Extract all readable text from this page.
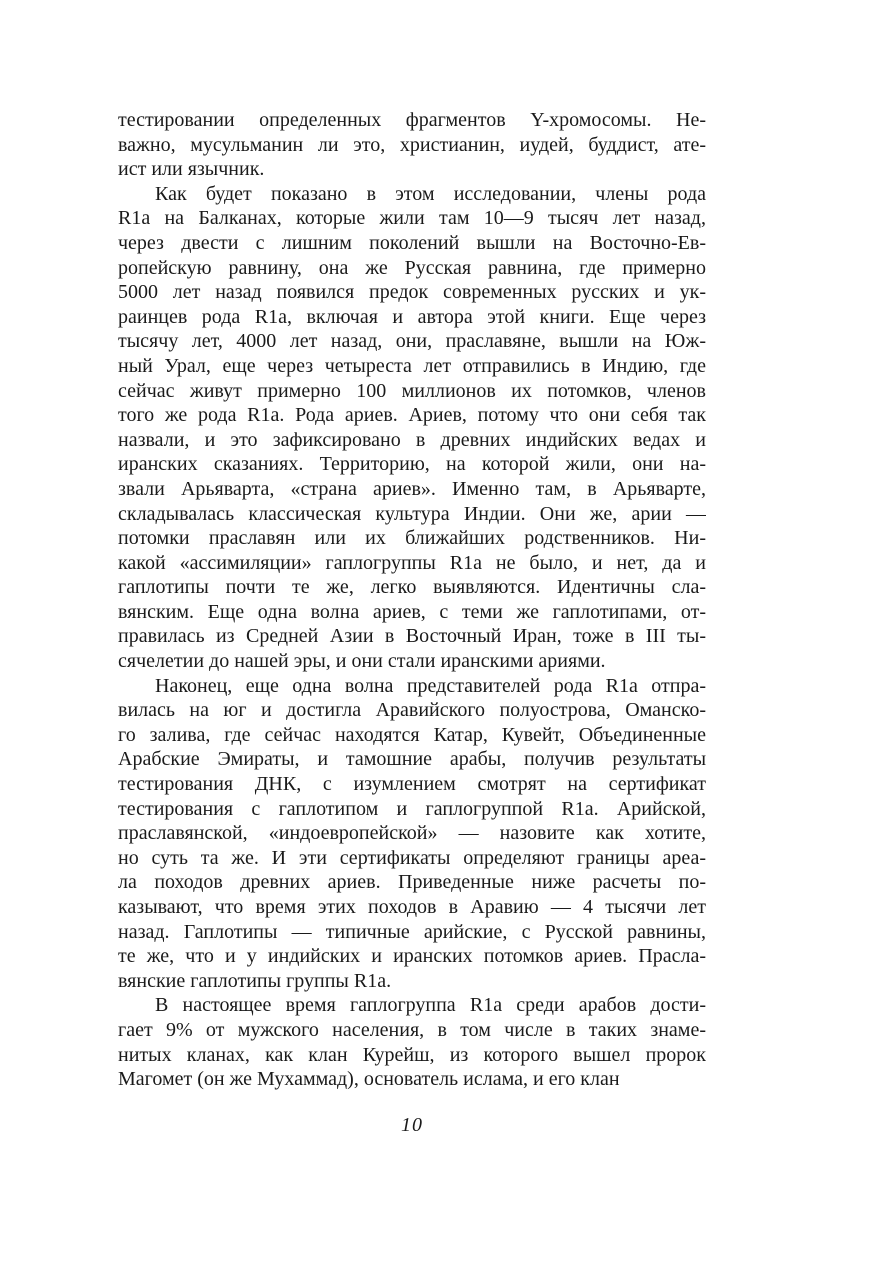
тестировании определенных фрагментов Y-хромосомы. Не-
важно, мусульманин ли это, христианин, иудей, буддист, ате-
ист или язычник.
Как будет показано в этом исследовании, члены рода
R1a на Балканах, которые жили там 10—9 тысяч лет назад,
через двести с лишним поколений вышли на Восточно-Ев-
ропейскую равнину, она же Русская равнина, где примерно
5000 лет назад появился предок современных русских и ук-
раинцев рода R1a, включая и автора этой книги. Еще через
тысячу лет, 4000 лет назад, они, праславяне, вышли на Юж-
ный Урал, еще через четыреста лет отправились в Индию, где
сейчас живут примерно 100 миллионов их потомков, членов
того же рода R1a. Рода ариев. Ариев, потому что они себя так
назвали, и это зафиксировано в древних индийских ведах и
иранских сказаниях. Территорию, на которой жили, они на-
звали Арьяварта, «страна ариев». Именно там, в Арьяварте,
складывалась классическая культура Индии. Они же, арии —
потомки праславян или их ближайших родственников. Ни-
какой «ассимиляции» гаплогруппы R1a не было, и нет, да и
гаплотипы почти те же, легко выявляются. Идентичны сла-
вянским. Еще одна волна ариев, с теми же гаплотипами, от-
правилась из Средней Азии в Восточный Иран, тоже в III ты-
сячелетии до нашей эры, и они стали иранскими ариями.
Наконец, еще одна волна представителей рода R1a отпра-
вилась на юг и достигла Аравийского полуострова, Оманско-
го залива, где сейчас находятся Катар, Кувейт, Объединенные
Арабские Эмираты, и тамошние арабы, получив результаты
тестирования ДНК, с изумлением смотрят на сертификат
тестирования с гаплотипом и гаплогруппой R1a. Арийской,
праславянской, «индоевропейской» — назовите как хотите,
но суть та же. И эти сертификаты определяют границы ареа-
ла походов древних ариев. Приведенные ниже расчеты по-
казывают, что время этих походов в Аравию — 4 тысячи лет
назад. Гаплотипы — типичные арийские, с Русской равнины,
те же, что и у индийских и иранских потомков ариев. Прасла-
вянские гаплотипы группы R1a.
В настоящее время гаплогруппа R1a среди арабов дости-
гает 9% от мужского населения, в том числе в таких знаме-
нитых кланах, как клан Курейш, из которого вышел пророк
Магомет (он же Мухаммад), основатель ислама, и его клан
10
